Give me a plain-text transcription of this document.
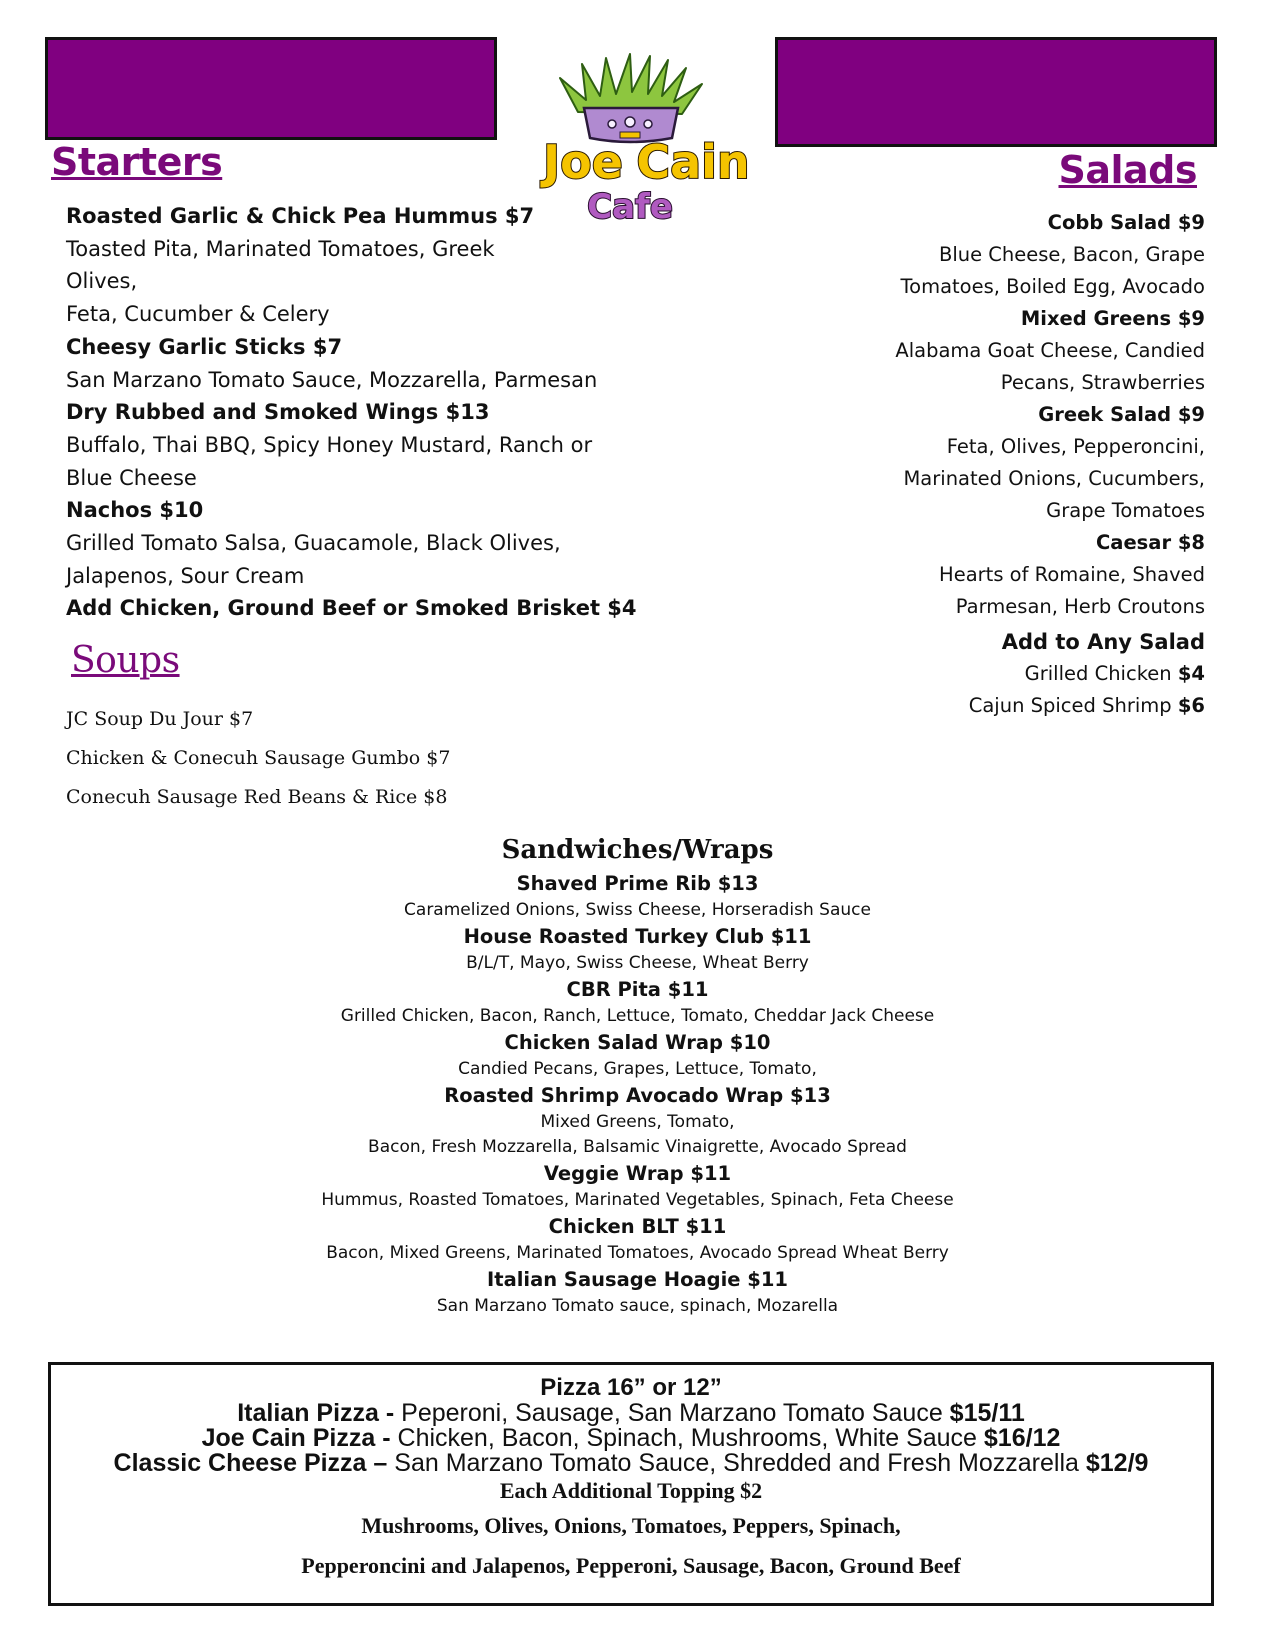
Joe Cain
Cafe
Starters
Roasted Garlic & Chick Pea Hummus $7
Toasted Pita, Marinated Tomatoes, Greek
Olives,
Feta, Cucumber & Celery
Cheesy Garlic Sticks $7
San Marzano Tomato Sauce, Mozzarella, Parmesan
Dry Rubbed and Smoked Wings $13
Buffalo, Thai BBQ, Spicy Honey Mustard, Ranch or
Blue Cheese
Nachos $10
Grilled Tomato Salsa, Guacamole, Black Olives,
Jalapenos, Sour Cream
Add Chicken, Ground Beef or Smoked Brisket $4
Soups
JC Soup Du Jour $7
Chicken & Conecuh Sausage Gumbo $7
Conecuh Sausage Red Beans & Rice $8
Salads
Cobb Salad $9
Blue Cheese, Bacon, Grape
Tomatoes, Boiled Egg, Avocado
Mixed Greens $9
Alabama Goat Cheese, Candied
Pecans, Strawberries
Greek Salad $9
Feta, Olives, Pepperoncini,
Marinated Onions, Cucumbers,
Grape Tomatoes
Caesar $8
Hearts of Romaine, Shaved
Parmesan, Herb Croutons
Add to Any Salad
Grilled Chicken $4
Cajun Spiced Shrimp $6
Sandwiches/Wraps
Shaved Prime Rib $13
Caramelized Onions, Swiss Cheese, Horseradish Sauce
House Roasted Turkey Club $11
B/L/T, Mayo, Swiss Cheese, Wheat Berry
CBR Pita $11
Grilled Chicken, Bacon, Ranch, Lettuce, Tomato, Cheddar Jack Cheese
Chicken Salad Wrap $10
Candied Pecans, Grapes, Lettuce, Tomato,
Roasted Shrimp Avocado Wrap $13
Mixed Greens, Tomato,
Bacon, Fresh Mozzarella, Balsamic Vinaigrette, Avocado Spread
Veggie Wrap $11
Hummus, Roasted Tomatoes, Marinated Vegetables, Spinach, Feta Cheese
Chicken BLT $11
Bacon, Mixed Greens, Marinated Tomatoes, Avocado Spread Wheat Berry
Italian Sausage Hoagie $11
San Marzano Tomato sauce, spinach, Mozarella
Pizza 16” or 12”
Italian Pizza - Peperoni, Sausage, San Marzano Tomato Sauce $15/11
Joe Cain Pizza - Chicken, Bacon, Spinach, Mushrooms, White Sauce $16/12
Classic Cheese Pizza – San Marzano Tomato Sauce, Shredded and Fresh Mozzarella $12/9
Each Additional Topping $2
Mushrooms, Olives, Onions, Tomatoes, Peppers, Spinach,
Pepperoncini and Jalapenos, Pepperoni, Sausage, Bacon, Ground Beef
